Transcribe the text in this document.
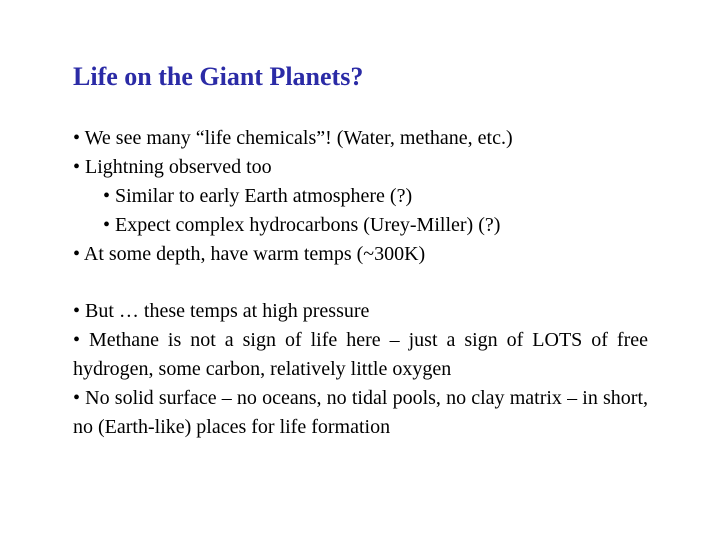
Life on the Giant Planets?
• We see many “life chemicals”! (Water, methane, etc.)
• Lightning observed too
• Similar to early Earth atmosphere (?)
• Expect complex hydrocarbons (Urey-Miller) (?)
• At some depth, have warm temps (~300K)
• But … these temps at high pressure
• Methane is not a sign of life here – just a sign of LOTS of free hydrogen, some carbon, relatively little oxygen
• No solid surface – no oceans, no tidal pools, no clay matrix – in short, no (Earth-like) places for life formation
